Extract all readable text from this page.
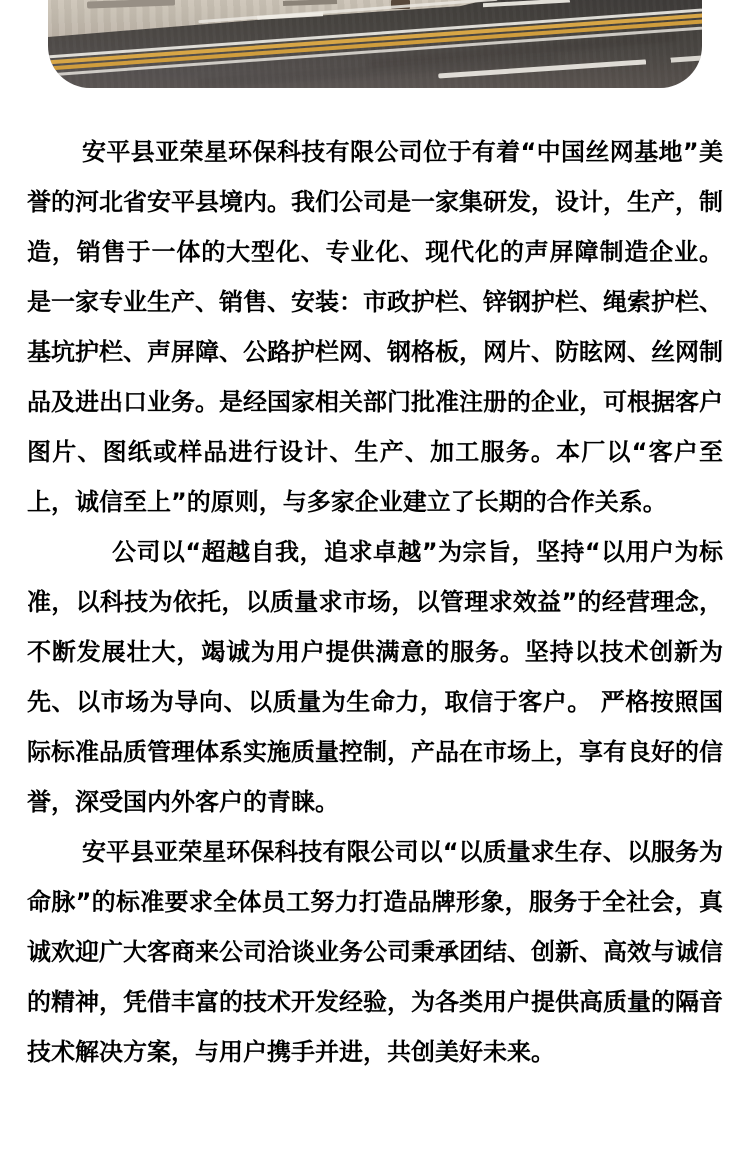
安平县亚荣星环保科技有限公司位于有着“中国丝网基地”美誉的河北省安平县境内。我们公司是一家集研发，设计，生产，制造，销售于一体的大型化、专业化、现代化的声屏障制造企业。 是一家专业生产、销售、安装：市政护栏、锌钢护栏、绳索护栏、基坑护栏、声屏障、公路护栏网、钢格板，网片、防眩网、丝网制品及进出口业务。是经国家相关部门批准注册的企业，可根据客户图片、图纸或样品进行设计、生产、加工服务。本厂以“客户至上，诚信至上”的原则，与多家企业建立了长期的合作关系。

公司以“超越自我，追求卓越”为宗旨，坚持“以用户为标准，以科技为依托，以质量求市场，以管理求效益”的经营理念，不断发展壮大，竭诚为用户提供满意的服务。坚持以技术创新为先、以市场为导向、以质量为生命力，取信于客户。 严格按照国际标准品质管理体系实施质量控制，产品在市场上，享有良好的信誉，深受国内外客户的青睐。

安平县亚荣星环保科技有限公司以“以质量求生存、以服务为命脉”的标准要求全体员工努力打造品牌形象，服务于全社会，真诚欢迎广大客商来公司洽谈业务公司秉承团结、创新、高效与诚信的精神，凭借丰富的技术开发经验，为各类用户提供高质量的隔音技术解决方案，与用户携手并进，共创美好未来。
